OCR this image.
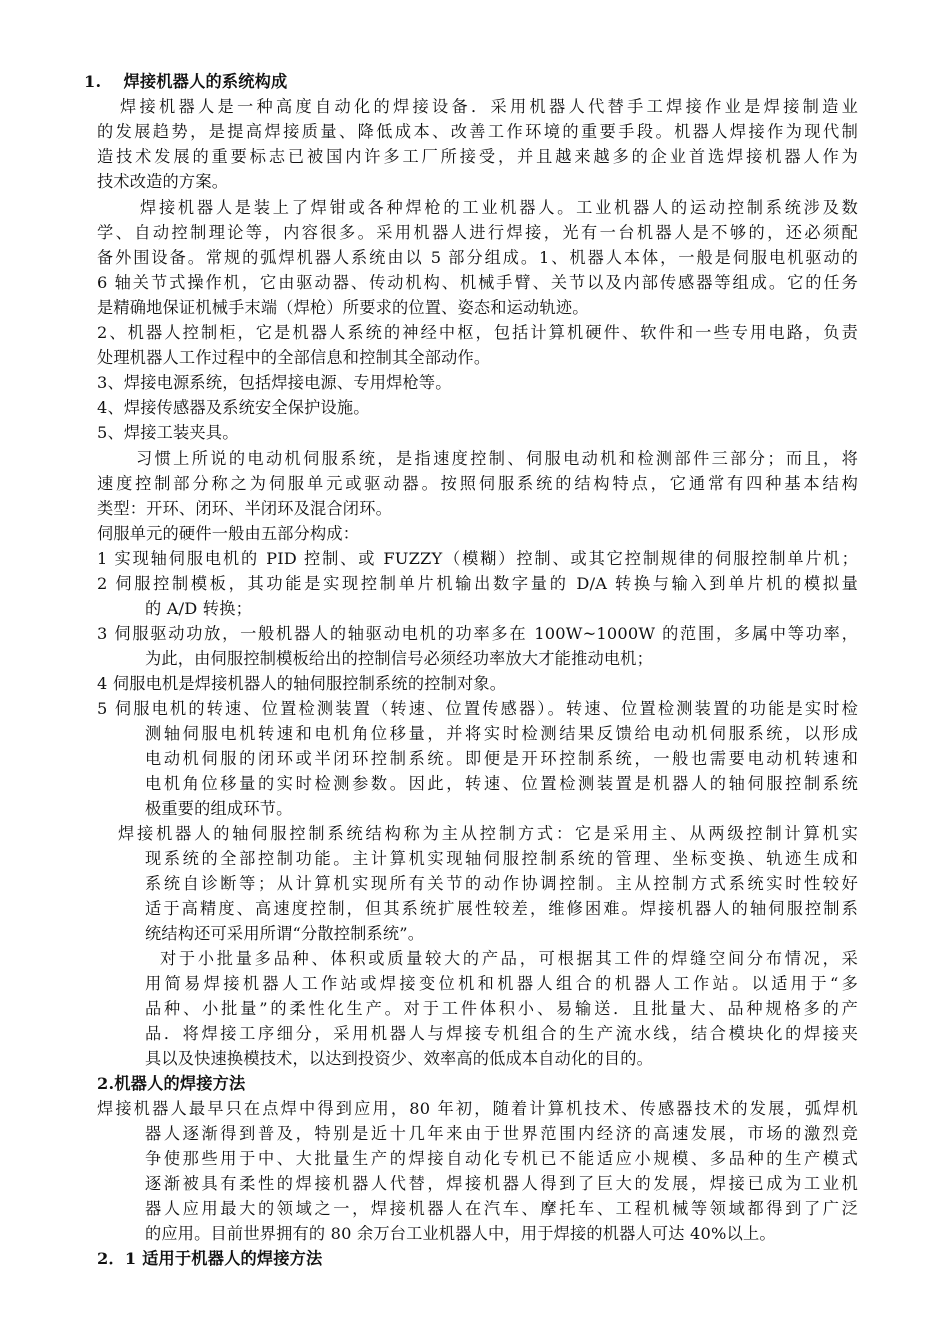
1.　 焊接机器人的系统构成

焊接机器人是一种高度自动化的焊接设备．采用机器人代替手工焊接作业是焊接制造业

的发展趋势，是提高焊接质量、降低成本、改善工作环境的重要手段。机器人焊接作为现代制

造技术发展的重要标志已被国内许多工厂所接受，并且越来越多的企业首选焊接机器人作为

技术改造的方案。

焊接机器人是装上了焊钳或各种焊枪的工业机器人。工业机器人的运动控制系统涉及数

学、自动控制理论等，内容很多。采用机器人进行焊接，光有一台机器人是不够的，还必须配

备外围设备。常规的弧焊机器人系统由以 5 部分组成。1、机器人本体，一般是伺服电机驱动的

6 轴关节式操作机，它由驱动器、传动机构、机械手臂、关节以及内部传感器等组成。它的任务

是精确地保证机械手末端（焊枪）所要求的位置、姿态和运动轨迹。

2、机器人控制柜，它是机器人系统的神经中枢，包括计算机硬件、软件和一些专用电路，负责

处理机器人工作过程中的全部信息和控制其全部动作。

3、焊接电源系统，包括焊接电源、专用焊枪等。

4、焊接传感器及系统安全保护设施。

5、焊接工装夹具。

习惯上所说的电动机伺服系统，是指速度控制、伺服电动机和检测部件三部分；而且，将

速度控制部分称之为伺服单元或驱动器。按照伺服系统的结构特点，它通常有四种基本结构

类型：开环、闭环、半闭环及混合闭环。

伺服单元的硬件一般由五部分构成：

1 实现轴伺服电机的 PID 控制、或 FUZZY（模糊）控制、或其它控制规律的伺服控制单片机；

2 伺服控制模板，其功能是实现控制单片机输出数字量的 D/A 转换与输入到单片机的模拟量

的 A/D 转换；

3 伺服驱动功放，一般机器人的轴驱动电机的功率多在 100W~1000W 的范围，多属中等功率，

为此，由伺服控制模板给出的控制信号必须经功率放大才能推动电机；

4 伺服电机是焊接机器人的轴伺服控制系统的控制对象。

5 伺服电机的转速、位置检测装置（转速、位置传感器）。转速、位置检测装置的功能是实时检

测轴伺服电机转速和电机角位移量，并将实时检测结果反馈给电动机伺服系统，以形成

电动机伺服的闭环或半闭环控制系统。即便是开环控制系统，一般也需要电动机转速和

电机角位移量的实时检测参数。因此，转速、位置检测装置是机器人的轴伺服控制系统

极重要的组成环节。

焊接机器人的轴伺服控制系统结构称为主从控制方式：它是采用主、从两级控制计算机实

现系统的全部控制功能。主计算机实现轴伺服控制系统的管理、坐标变换、轨迹生成和

系统自诊断等；从计算机实现所有关节的动作协调控制。主从控制方式系统实时性较好

适于高精度、高速度控制，但其系统扩展性较差，维修困难。焊接机器人的轴伺服控制系

统结构还可采用所谓“分散控制系统”。

对于小批量多品种、体积或质量较大的产品，可根据其工件的焊缝空间分布情况，采

用简易焊接机器人工作站或焊接变位机和机器人组合的机器人工作站。以适用于“多

品种、小批量”的柔性化生产。对于工件体积小、易输送．且批量大、品种规格多的产

品．将焊接工序细分，采用机器人与焊接专机组合的生产流水线，结合模块化的焊接夹

具以及快速换模技术，以达到投资少、效率高的低成本自动化的目的。

2.机器人的焊接方法

焊接机器人最早只在点焊中得到应用，80 年初，随着计算机技术、传感器技术的发展，弧焊机

器人逐渐得到普及，特别是近十几年来由于世界范围内经济的高速发展，市场的激烈竞

争使那些用于中、大批量生产的焊接自动化专机已不能适应小规模、多品种的生产模式

逐渐被具有柔性的焊接机器人代替，焊接机器人得到了巨大的发展，焊接已成为工业机

器人应用最大的领域之一，焊接机器人在汽车、摩托车、工程机械等领域都得到了广泛

的应用。目前世界拥有的 80 余万台工业机器人中，用于焊接的机器人可达 40%以上。

2．1 适用于机器人的焊接方法
